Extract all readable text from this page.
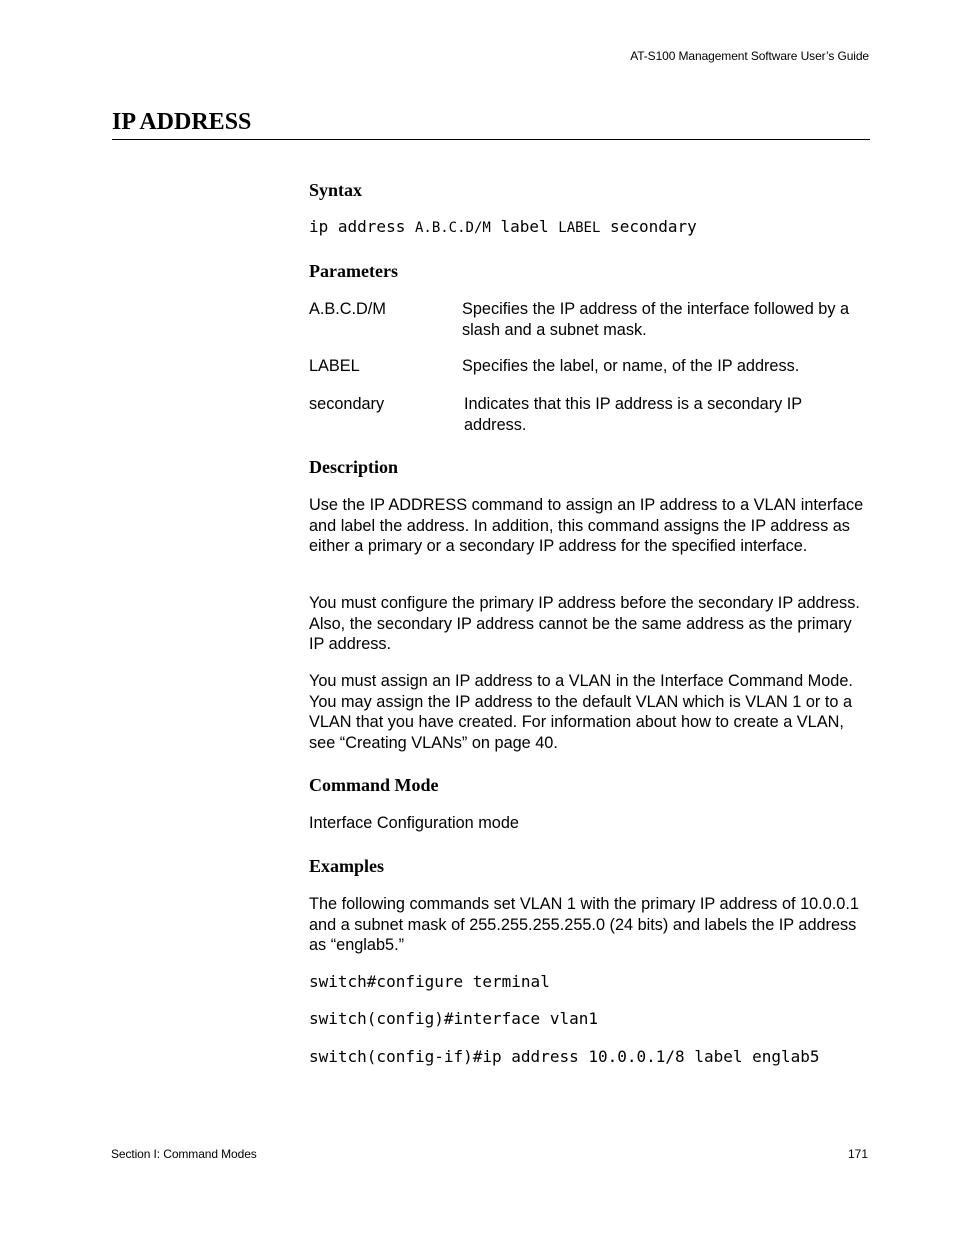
AT-S100 Management Software User’s Guide
IP ADDRESS
Syntax
ip address A.B.C.D/M label LABEL secondary
Parameters
A.B.C.D/M	Specifies the IP address of the interface followed by a slash and a subnet mask.
LABEL	Specifies the label, or name, of the IP address.
secondary	Indicates that this IP address is a secondary IP address.
Description

Use the IP ADDRESS command to assign an IP address to a VLAN interface and label the address. In addition, this command assigns the IP address as either a primary or a secondary IP address for the specified interface.

You must configure the primary IP address before the secondary IP address. Also, the secondary IP address cannot be the same address as the primary IP address.

You must assign an IP address to a VLAN in the Interface Command Mode. You may assign the IP address to the default VLAN which is VLAN 1 or to a VLAN that you have created. For information about how to create a VLAN, see “Creating VLANs” on page 40.

Command Mode

Interface Configuration mode

Examples

The following commands set VLAN 1 with the primary IP address of 10.0.0.1 and a subnet mask of 255.255.255.255.0 (24 bits) and labels the IP address as “englab5.”

switch#configure terminal
switch(config)#interface vlan1
switch(config-if)#ip address 10.0.0.1/8 label englab5
Section I: Command Modes	171
